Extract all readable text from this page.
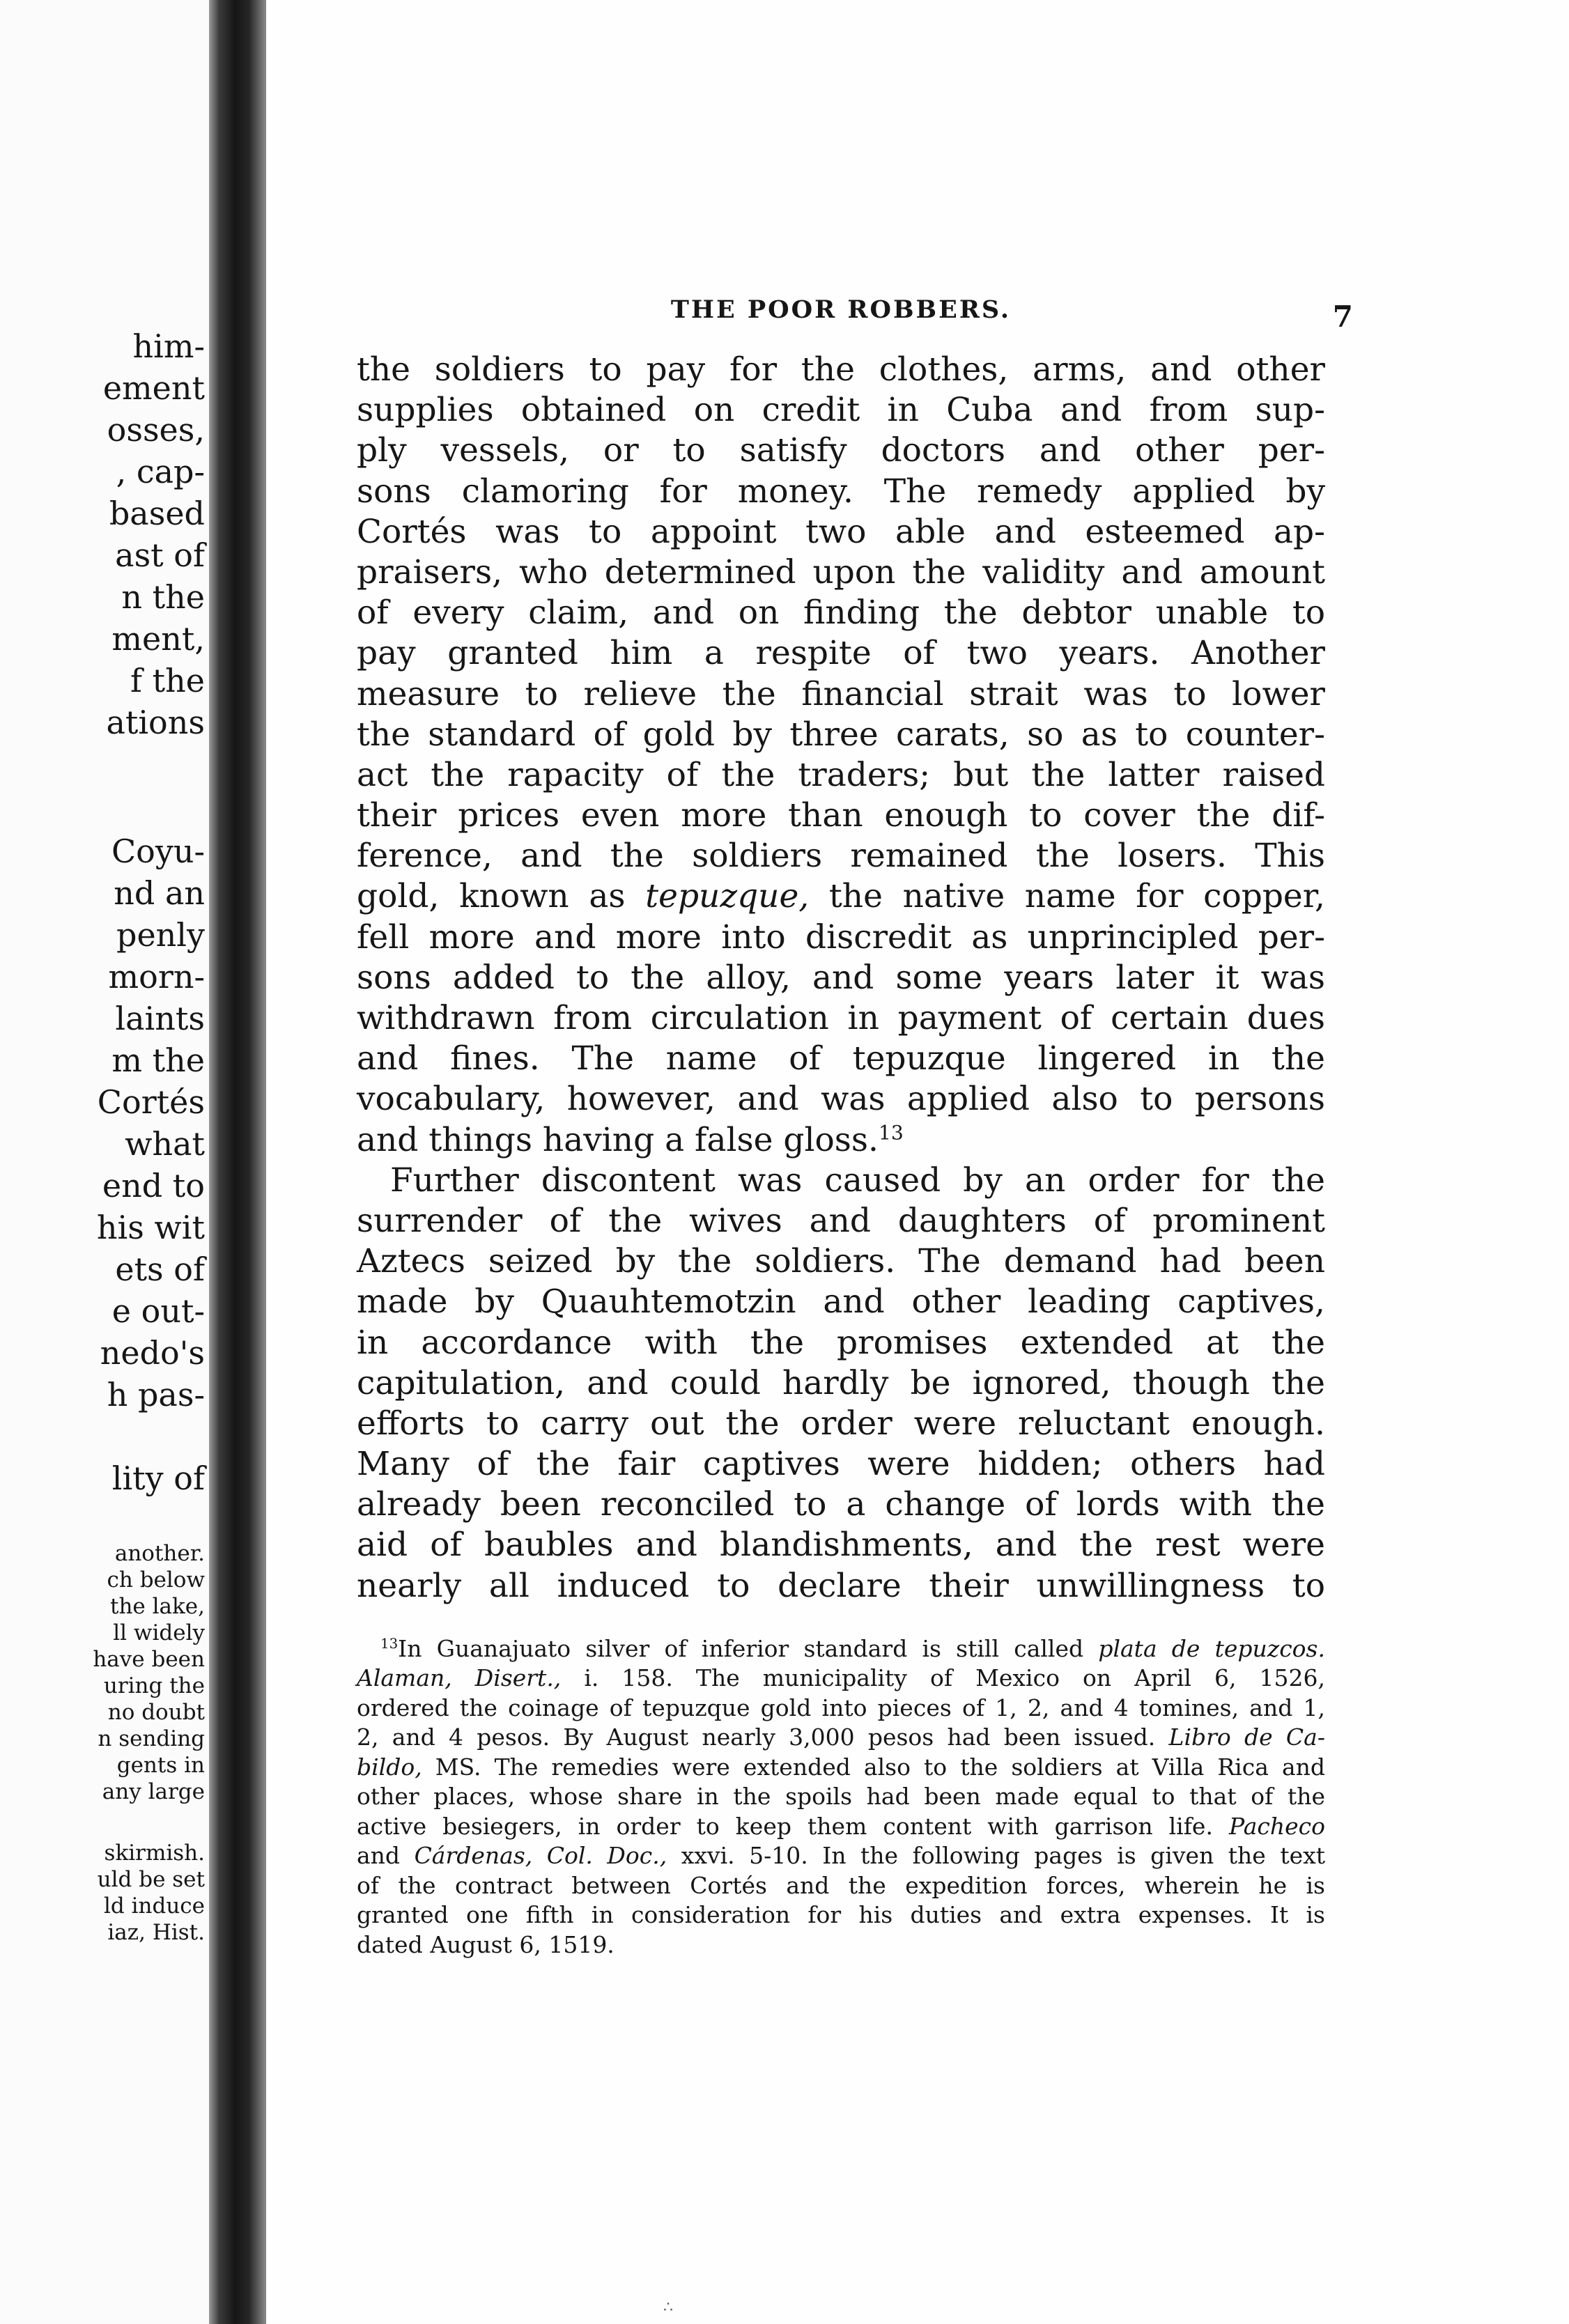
him-
ement
osses,
, cap-
based
ast of
n the
ment,
f the
ations
Coyu-
nd an
penly
morn-
laints
m the
Cortés
what
end to
his wit
ets of
e out-
nedo's
h pas-
lity of
another.
ch below
the lake,
ll widely
have been
uring the
no doubt
n sending
gents in
any large
skirmish.
uld be set
ld induce
iaz, Hist.
THE POOR ROBBERS.	7
the soldiers to pay for the clothes, arms, and other
supplies obtained on credit in Cuba and from sup-
ply vessels, or to satisfy doctors and other per-
sons clamoring for money. The remedy applied by
Cortés was to appoint two able and esteemed ap-
praisers, who determined upon the validity and amount
of every claim, and on finding the debtor unable to
pay granted him a respite of two years. Another
measure to relieve the financial strait was to lower
the standard of gold by three carats, so as to counter-
act the rapacity of the traders; but the latter raised
their prices even more than enough to cover the dif-
ference, and the soldiers remained the losers. This
gold, known as tepuzque, the native name for copper,
fell more and more into discredit as unprincipled per-
sons added to the alloy, and some years later it was
withdrawn from circulation in payment of certain dues
and fines. The name of tepuzque lingered in the
vocabulary, however, and was applied also to persons
and things having a false gloss.$^{13}$
Further discontent was caused by an order for the
surrender of the wives and daughters of prominent
Aztecs seized by the soldiers. The demand had been
made by Quauhtemotzin and other leading captives,
in accordance with the promises extended at the
capitulation, and could hardly be ignored, though the
efforts to carry out the order were reluctant enough.
Many of the fair captives were hidden; others had
already been reconciled to a change of lords with the
aid of baubles and blandishments, and the rest were
nearly all induced to declare their unwillingness to
$^{13}$In Guanajuato silver of inferior standard is still called plata de tepuzcos.
Alaman, Disert., i. 158. The municipality of Mexico on April 6, 1526,
ordered the coinage of tepuzque gold into pieces of 1, 2, and 4 tomines, and 1,
2, and 4 pesos. By August nearly 3,000 pesos had been issued. Libro de Ca-
bildo, MS. The remedies were extended also to the soldiers at Villa Rica and
other places, whose share in the spoils had been made equal to that of the
active besiegers, in order to keep them content with garrison life. Pacheco
and Cárdenas, Col. Doc., xxvi. 5-10. In the following pages is given the text
of the contract between Cortés and the expedition forces, wherein he is
granted one fifth in consideration for his duties and extra expenses. It is
dated August 6, 1519.
∴
